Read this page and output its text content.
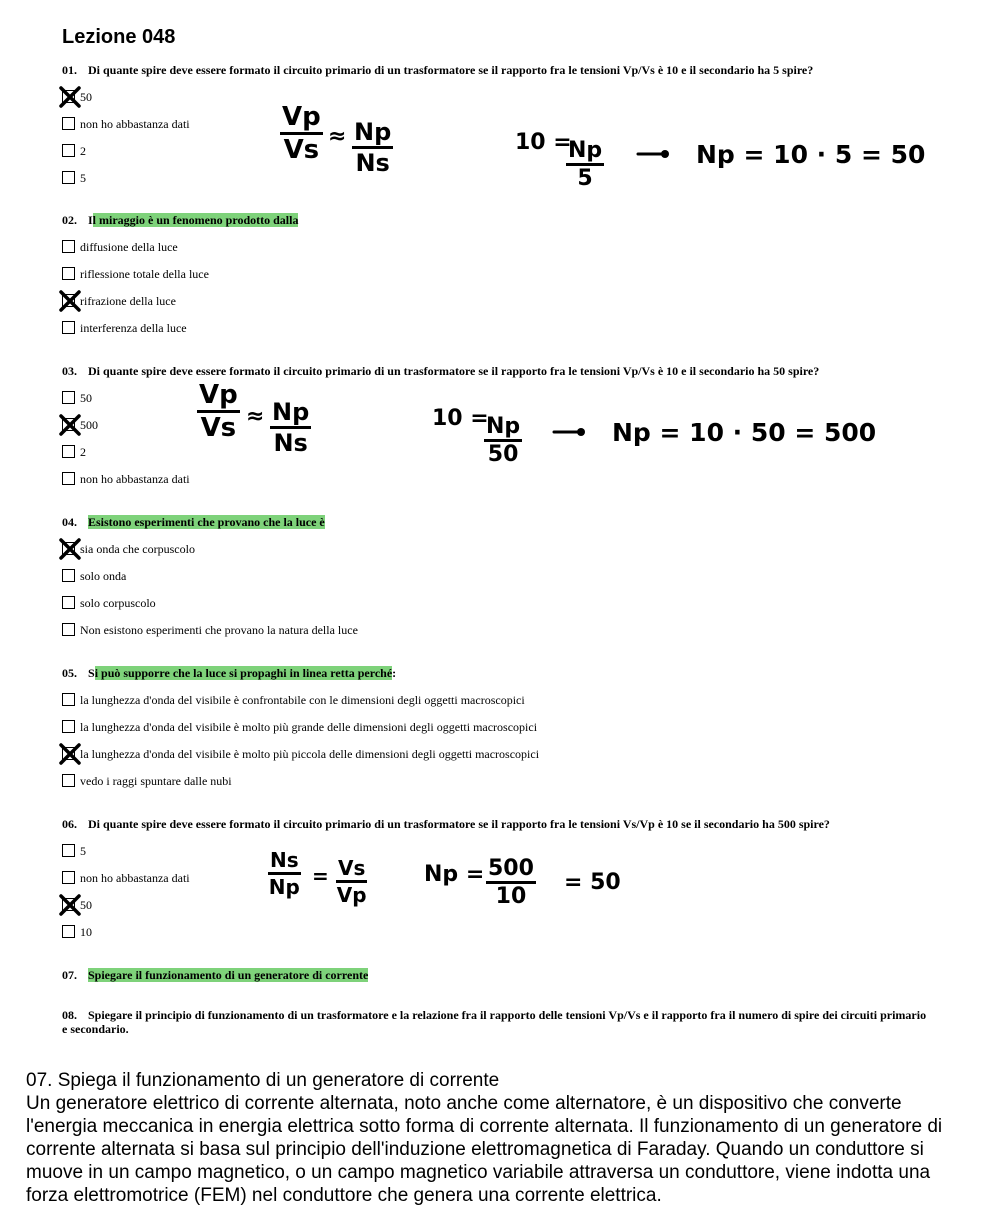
Lezione 048
01. Di quante spire deve essere formato il circuito primario di un trasformatore se il rapporto fra le tensioni Vp/Vs è 10 e il secondario ha 5 spire?
50
non ho abbastanza dati
2
5
02. Il miraggio è un fenomeno prodotto dalla
diffusione della luce
riflessione totale della luce
rifrazione della luce
interferenza della luce
03. Di quante spire deve essere formato il circuito primario di un trasformatore se il rapporto fra le tensioni Vp/Vs è 10 e il secondario ha 50 spire?
50
500
2
non ho abbastanza dati
04. Esistono esperimenti che provano che la luce è
sia onda che corpuscolo
solo onda
solo corpuscolo
Non esistono esperimenti che provano la natura della luce
05. Si può supporre che la luce si propaghi in linea retta perché:
la lunghezza d'onda del visibile è confrontabile con le dimensioni degli oggetti macroscopici
la lunghezza d'onda del visibile è molto più grande delle dimensioni degli oggetti macroscopici
la lunghezza d'onda del visibile è molto più piccola delle dimensioni degli oggetti macroscopici
vedo i raggi spuntare dalle nubi
06. Di quante spire deve essere formato il circuito primario di un trasformatore se il rapporto fra le tensioni Vs/Vp è 10 se il secondario ha 500 spire?
5
non ho abbastanza dati
50
10
07. Spiegare il funzionamento di un generatore di corrente
08. Spiegare il principio di funzionamento di un trasformatore e la relazione fra il rapporto delle tensioni Vp/Vs e il rapporto fra il numero di spire dei circuiti primario e secondario.
$\frac{Vp}{Vs} \approx \frac{Np}{Ns}$	10 =
$\frac{Np}{5}$	Np = 10 · 5 = 50
$\frac{Vp}{Vs} \approx \frac{Np}{Ns}$	10 =
$\frac{Np}{50}$	Np = 10 · 50 = 500
$\frac{Ns}{Np} = \frac{Vs}{Vp}$	$Np = \frac{500}{10} = 50$
07. Spiega il funzionamento di un generatore di corrente
Un generatore elettrico di corrente alternata, noto anche come alternatore, è un dispositivo che converte l'energia meccanica in energia elettrica sotto forma di corrente alternata. Il funzionamento di un generatore di corrente alternata si basa sul principio dell'induzione elettromagnetica di Faraday. Quando un conduttore si muove in un campo magnetico, o un campo magnetico variabile attraversa un conduttore, viene indotta una forza elettromotrice (FEM) nel conduttore che genera una corrente elettrica.
